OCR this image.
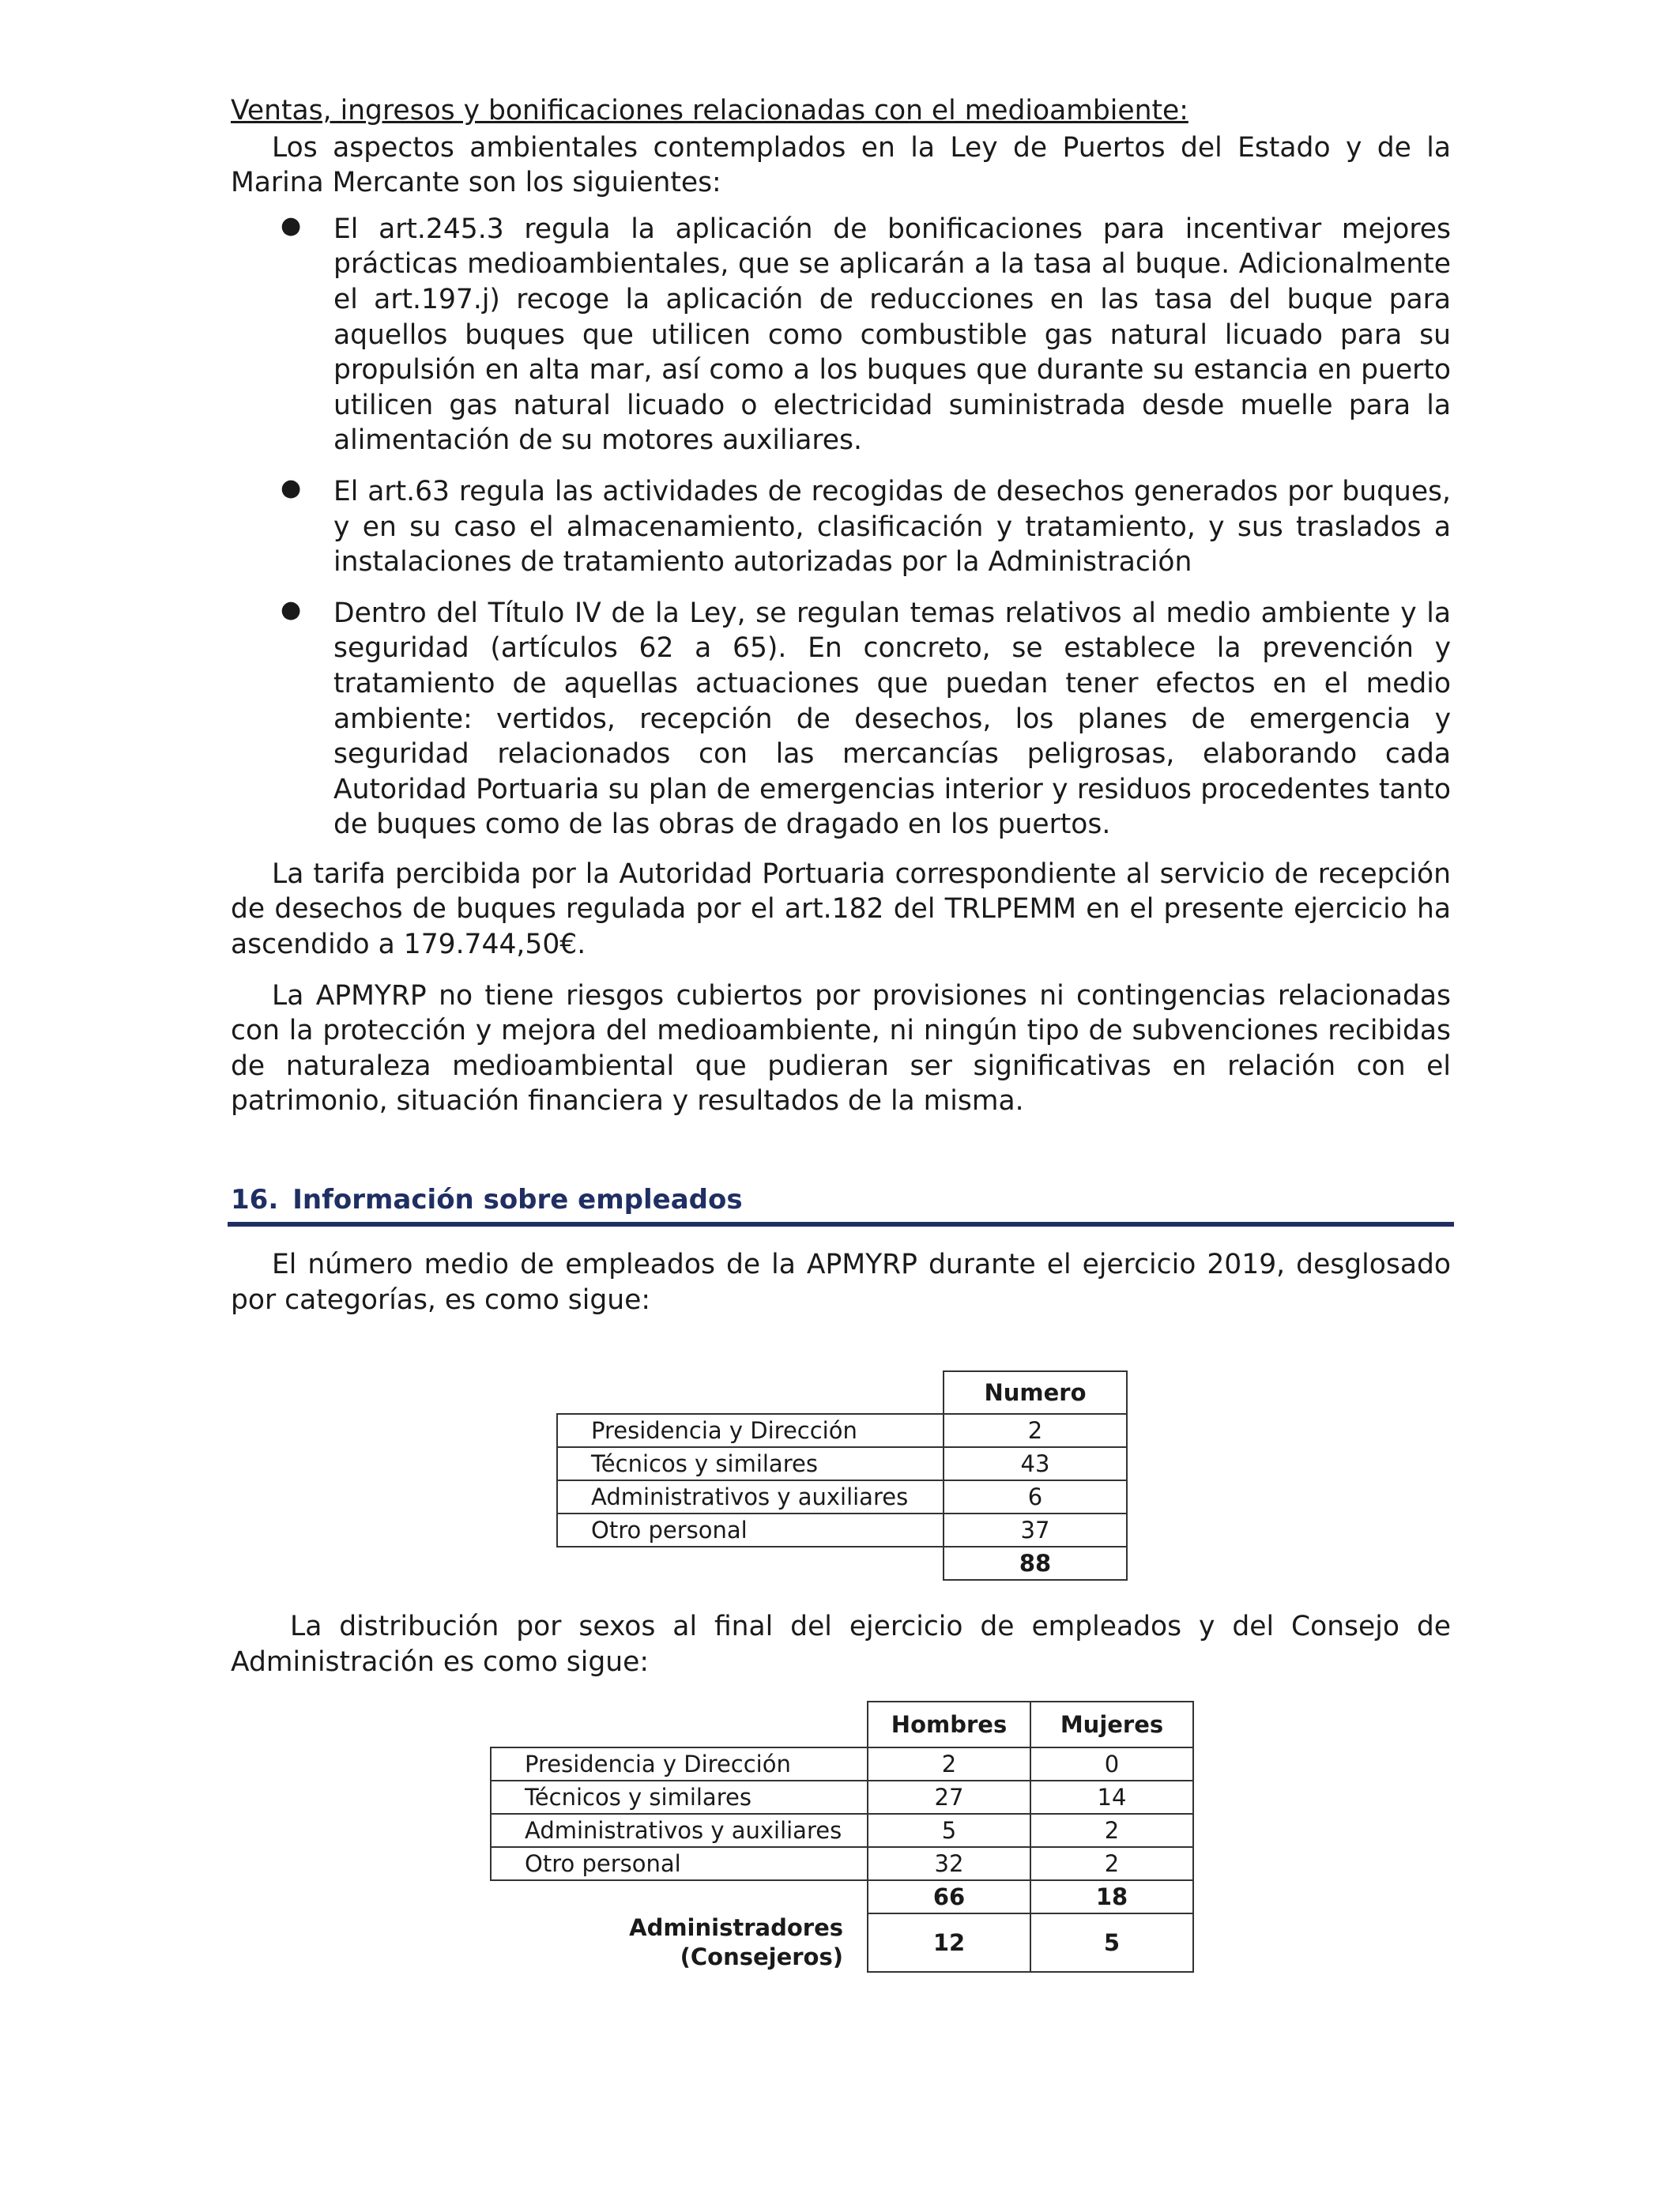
Ventas, ingresos y bonificaciones relacionadas con el medioambiente:

Los aspectos ambientales contemplados en la Ley de Puertos del Estado y de la Marina Mercante son los siguientes:

● El art.245.3 regula la aplicación de bonificaciones para incentivar mejores prácticas medioambientales, que se aplicarán a la tasa al buque. Adicionalmente el art.197.j) recoge la aplicación de reducciones en las tasa del buque para aquellos buques que utilicen como combustible gas natural licuado para su propulsión en alta mar, así como a los buques que durante su estancia en puerto utilicen gas natural licuado o electricidad suministrada desde muelle para la alimentación de su motores auxiliares.

● El art.63 regula las actividades de recogidas de desechos generados por buques, y en su caso el almacenamiento, clasificación y tratamiento, y sus traslados a instalaciones de tratamiento autorizadas por la Administración

● Dentro del Título IV de la Ley, se regulan temas relativos al medio ambiente y la seguridad (artículos 62 a 65). En concreto, se establece la prevención y tratamiento de aquellas actuaciones que puedan tener efectos en el medio ambiente: vertidos, recepción de desechos, los planes de emergencia y seguridad relacionados con las mercancías peligrosas, elaborando cada Autoridad Portuaria su plan de emergencias interior y residuos procedentes tanto de buques como de las obras de dragado en los puertos.

La tarifa percibida por la Autoridad Portuaria correspondiente al servicio de recepción de desechos de buques regulada por el art.182 del TRLPEMM en el presente ejercicio ha ascendido a 179.744,50€.

La APMYRP no tiene riesgos cubiertos por provisiones ni contingencias relacionadas con la protección y mejora del medioambiente, ni ningún tipo de subvenciones recibidas de naturaleza medioambiental que pudieran ser significativas en relación con el patrimonio, situación financiera y resultados de la misma.

16. Información sobre empleados

El número medio de empleados de la APMYRP durante el ejercicio 2019, desglosado por categorías, es como sigue:

	Numero
Presidencia y Dirección	2
Técnicos y similares	43
Administrativos y auxiliares	6
Otro personal	37
	88

La distribución por sexos al final del ejercicio de empleados y del Consejo de Administración es como sigue:

	Hombres	Mujeres
Presidencia y Dirección	2	0
Técnicos y similares	27	14
Administrativos y auxiliares	5	2
Otro personal	32	2
	66	18
Administradores (Consejeros)	12	5
